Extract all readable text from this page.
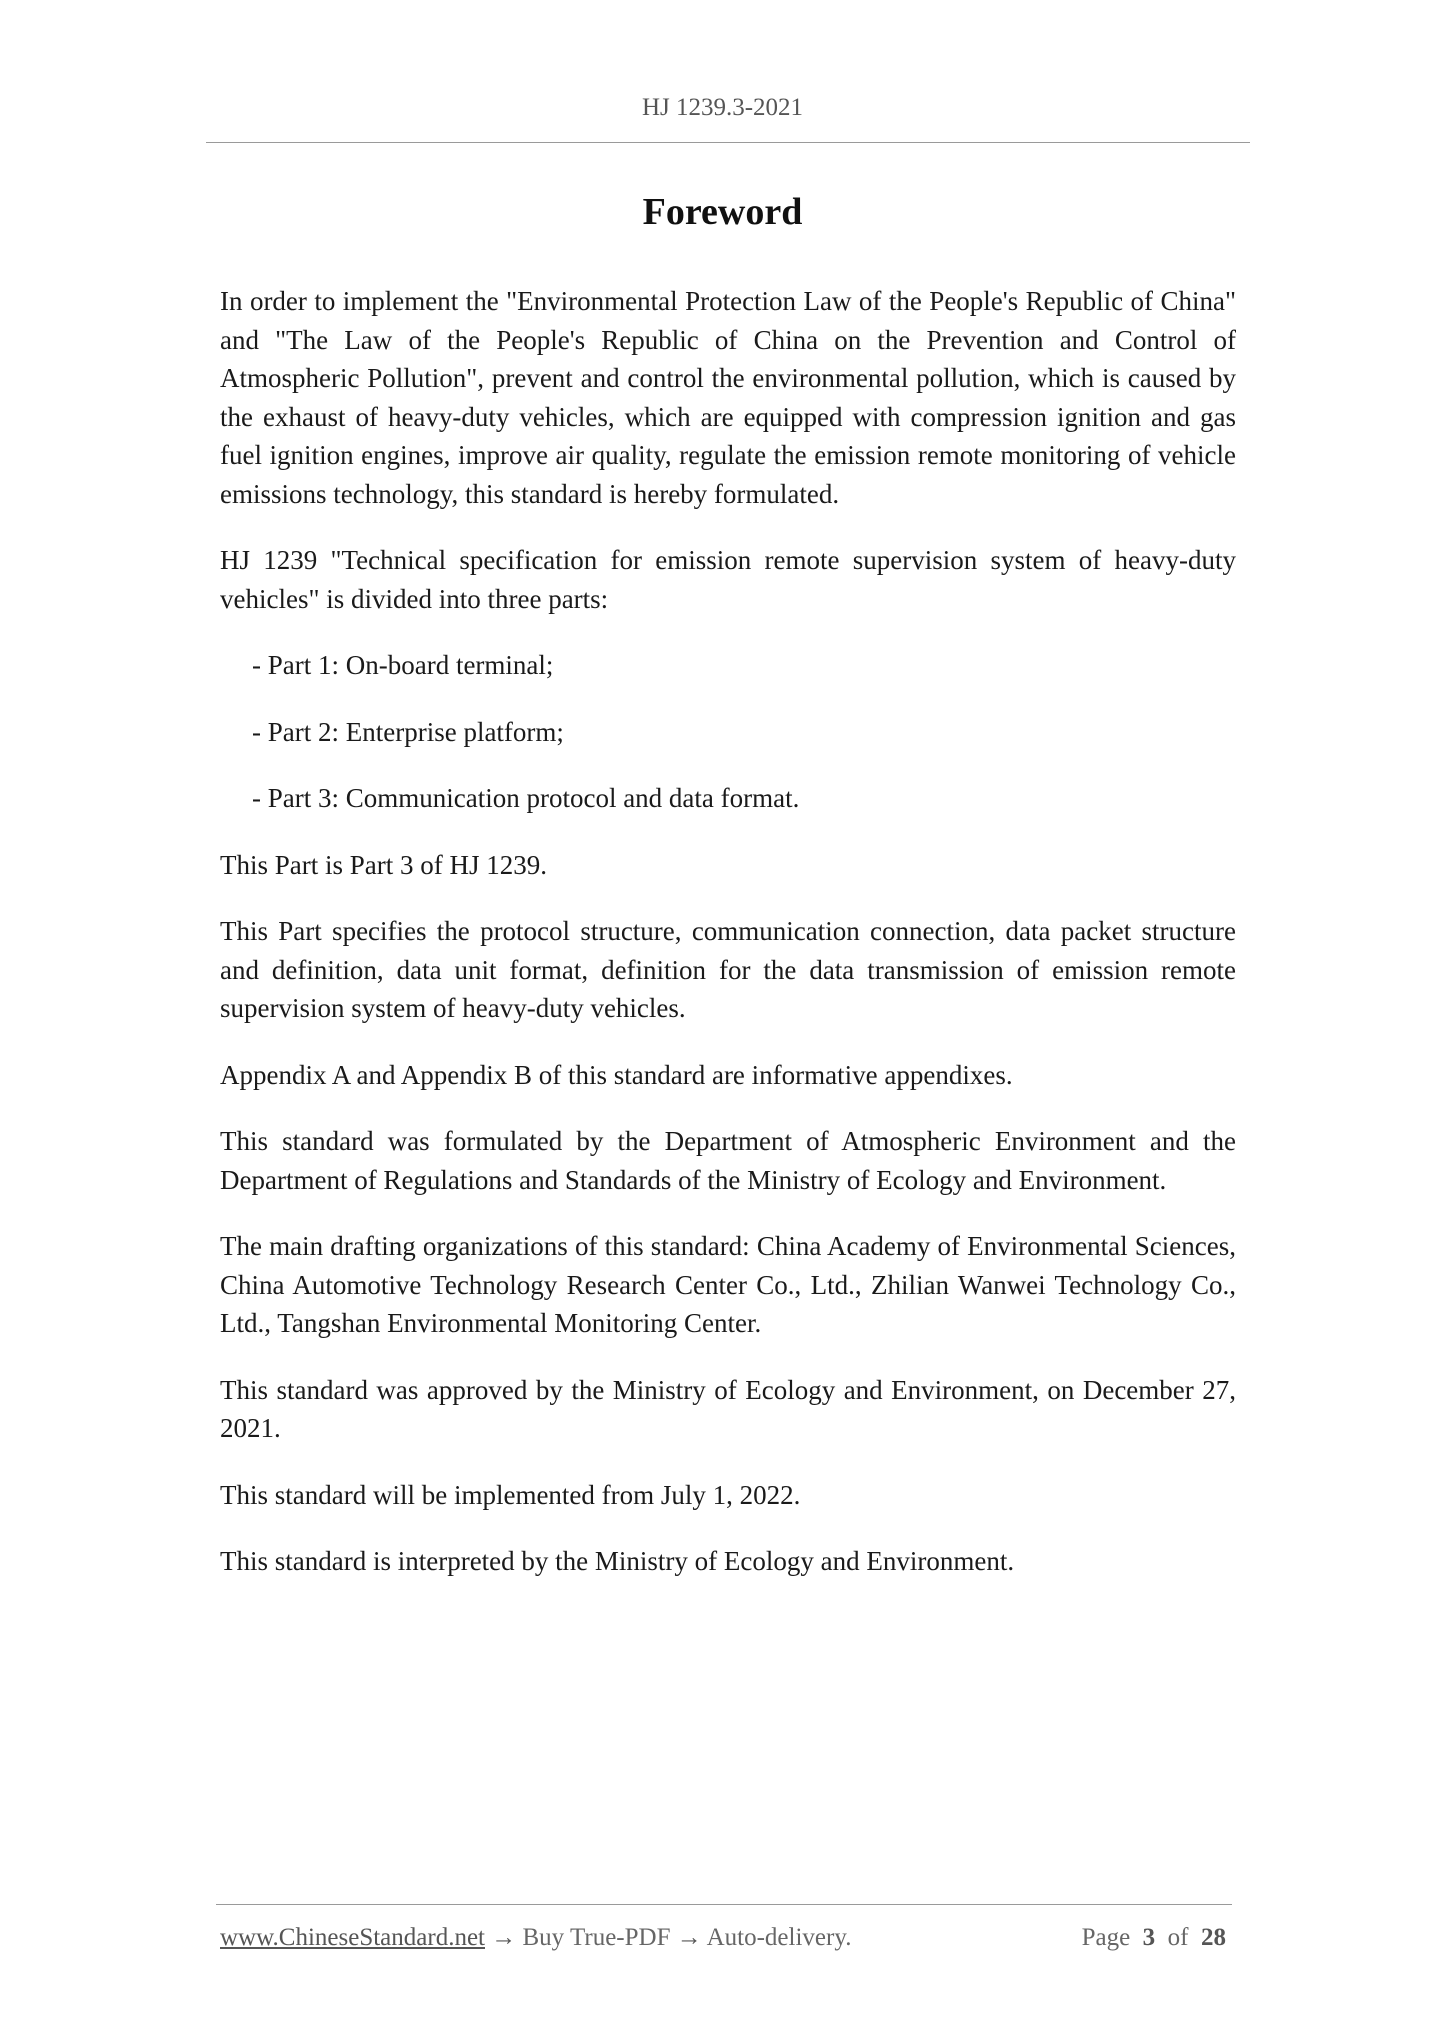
HJ 1239.3-2021
Foreword

In order to implement the "Environmental Protection Law of the People's Republic of China" and "The Law of the People's Republic of China on the Prevention and Control of Atmospheric Pollution", prevent and control the environmental pollution, which is caused by the exhaust of heavy-duty vehicles, which are equipped with compression ignition and gas fuel ignition engines, improve air quality, regulate the emission remote monitoring of vehicle emissions technology, this standard is hereby formulated.

HJ 1239 "Technical specification for emission remote supervision system of heavy-duty vehicles" is divided into three parts:

- Part 1: On-board terminal;

- Part 2: Enterprise platform;

- Part 3: Communication protocol and data format.

This Part is Part 3 of HJ 1239.

This Part specifies the protocol structure, communication connection, data packet structure and definition, data unit format, definition for the data transmission of emission remote supervision system of heavy-duty vehicles.

Appendix A and Appendix B of this standard are informative appendixes.

This standard was formulated by the Department of Atmospheric Environment and the Department of Regulations and Standards of the Ministry of Ecology and Environment.

The main drafting organizations of this standard: China Academy of Environmental Sciences, China Automotive Technology Research Center Co., Ltd., Zhilian Wanwei Technology Co., Ltd., Tangshan Environmental Monitoring Center.

This standard was approved by the Ministry of Ecology and Environment, on December 27, 2021.

This standard will be implemented from July 1, 2022.

This standard is interpreted by the Ministry of Ecology and Environment.

www.ChineseStandard.net → Buy True-PDF → Auto-delivery.	Page 3 of 28
